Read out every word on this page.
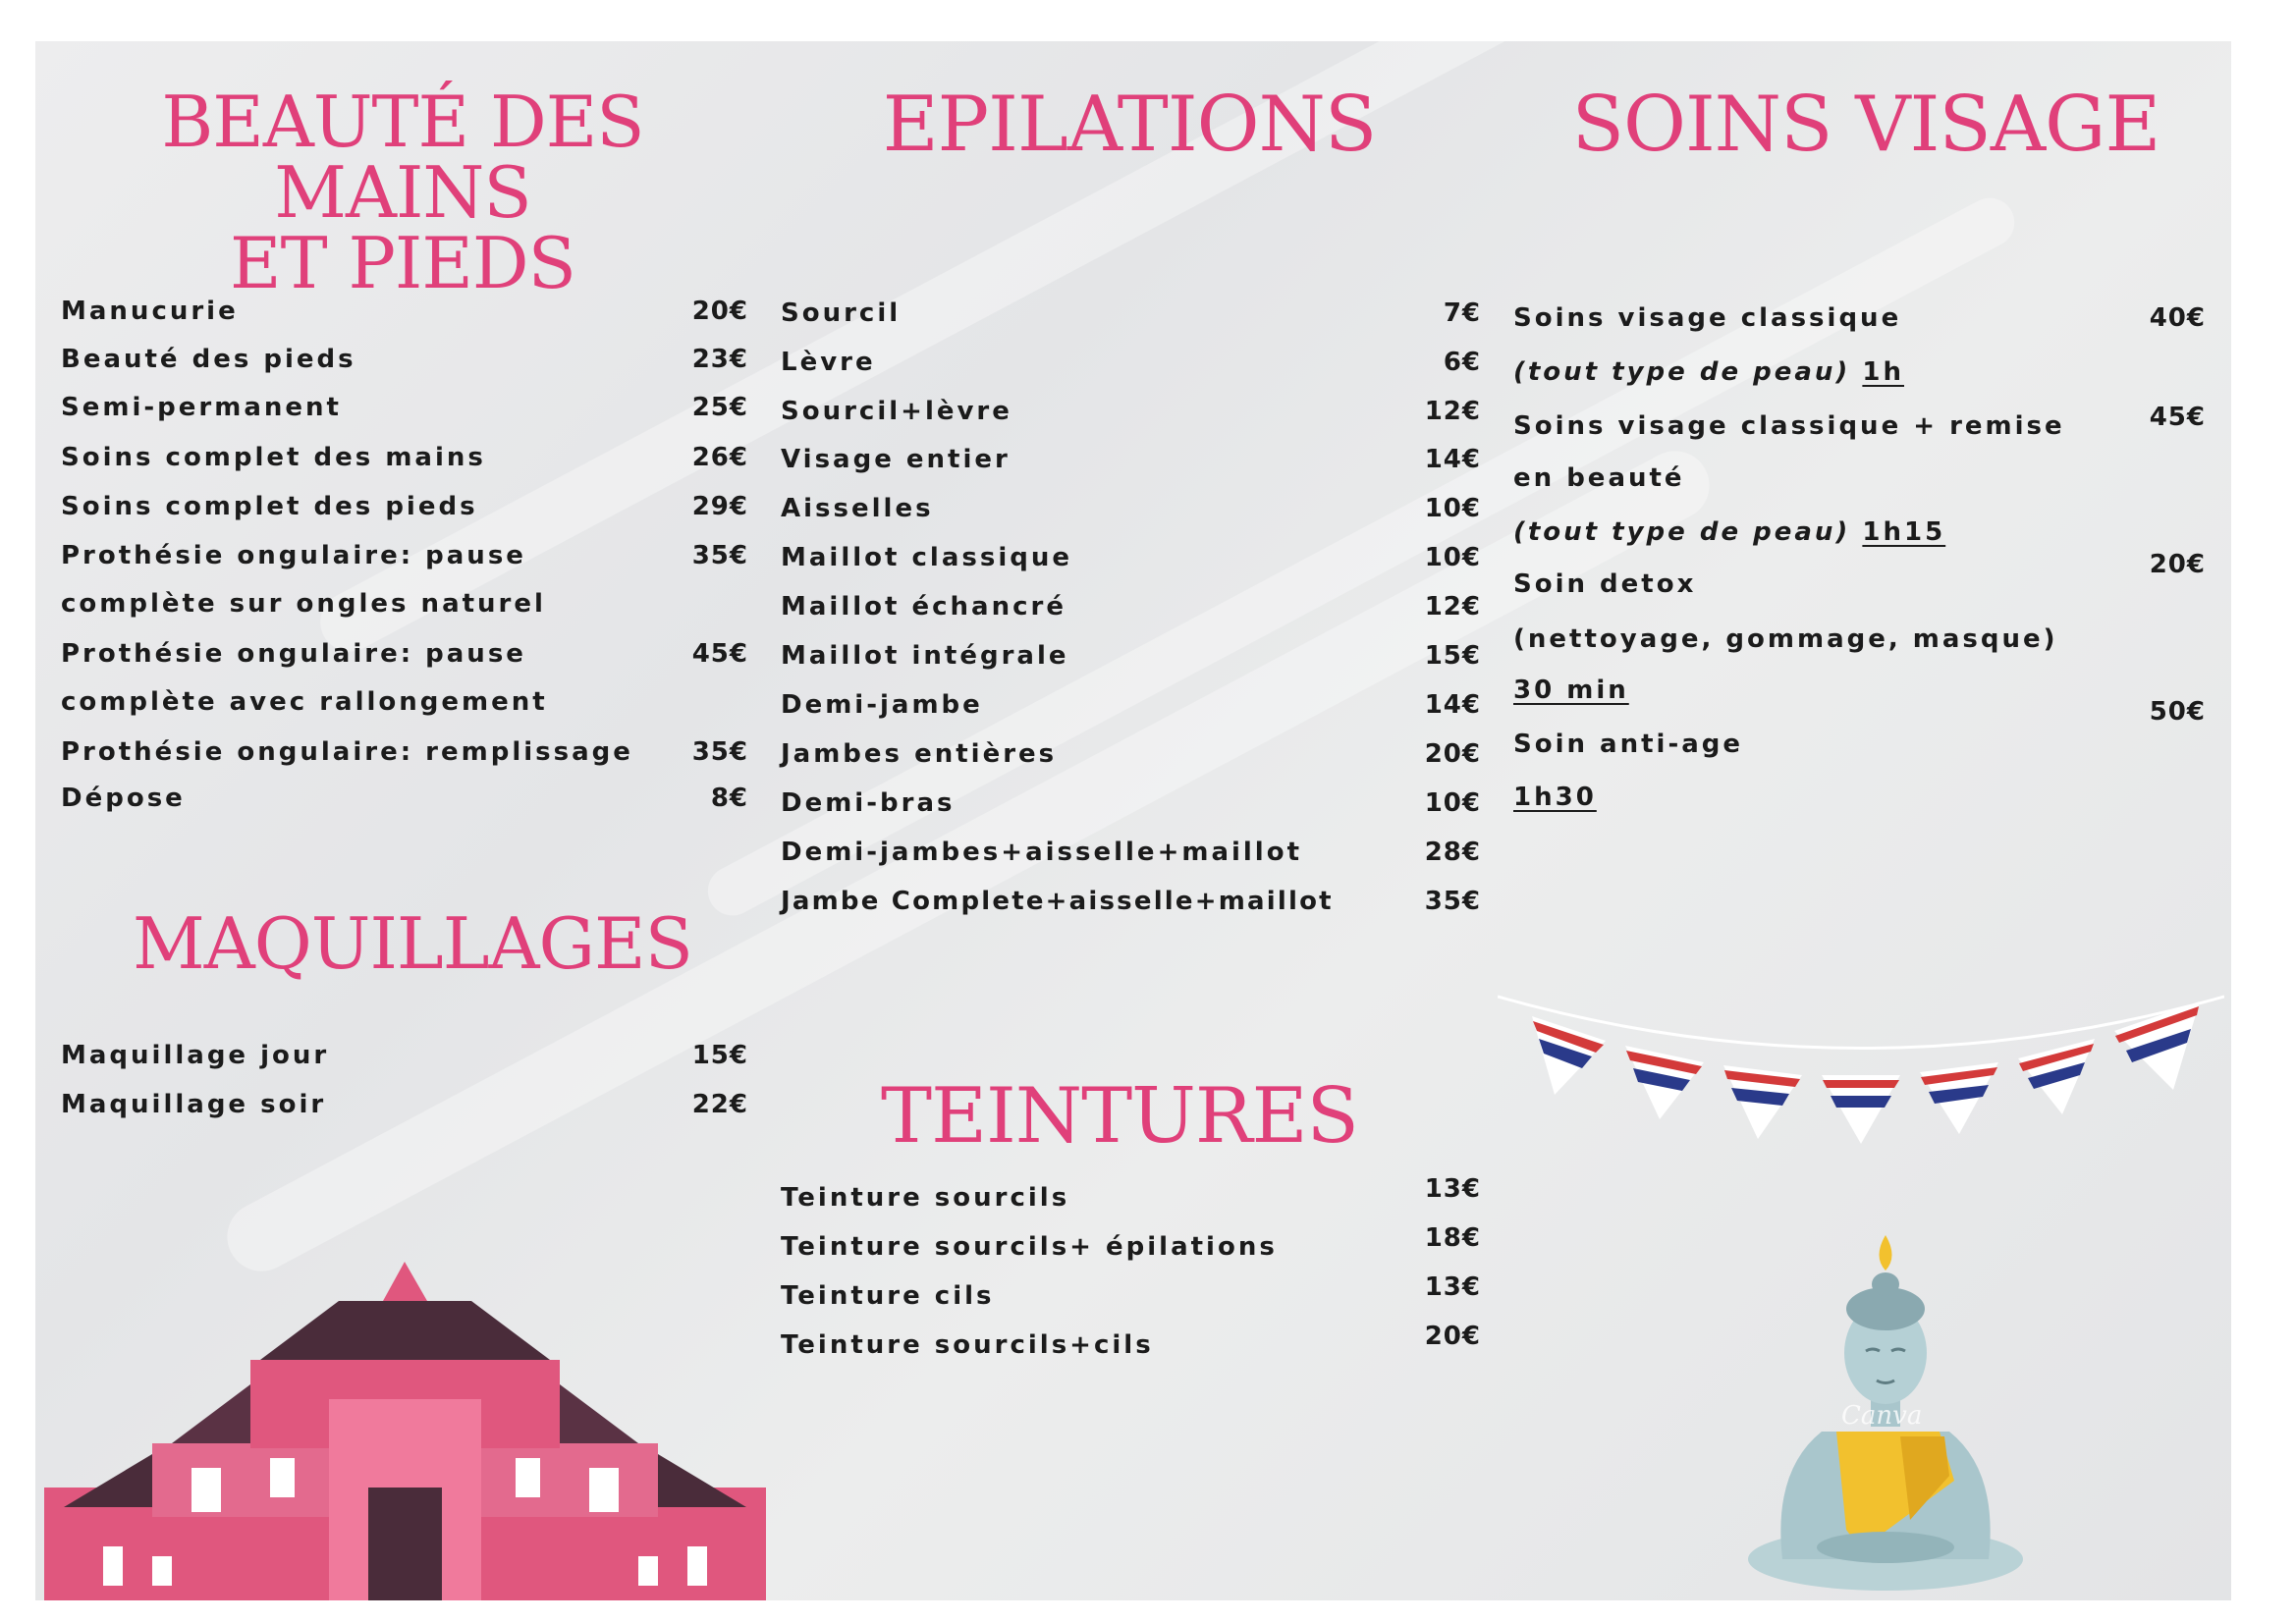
BEAUTÉ DES MAINS
ET PIEDS
Manucurie	20€
Beauté des pieds	23€
Semi-permanent	25€
Soins complet des mains	26€
Soins complet des pieds	29€
Prothésie ongulaire: pause
complète sur ongles naturel
35€
Prothésie ongulaire: pause
complète avec rallongement
45€
Prothésie ongulaire: remplissage	35€
Dépose	8€
MAQUILLAGES
Maquillage jour	15€
Maquillage soir	22€
EPILATIONS
Sourcil	7€
Lèvre	6€
Sourcil+lèvre	12€
Visage entier	14€
Aisselles	10€
Maillot classique	10€
Maillot échancré	12€
Maillot intégrale	15€
Demi-jambe	14€
Jambes entières	20€
Demi-bras	10€
Demi-jambes+aisselle+maillot	28€
Jambe Complete+aisselle+maillot	35€
TEINTURES
Teinture sourcils	13€
Teinture sourcils+ épilations	18€
Teinture cils	13€
Teinture sourcils+cils	20€
SOINS VISAGE
Soins visage classique
(tout type de peau) 1h
40€
Soins visage classique + remise
en beauté
(tout type de peau) 1h15
45€
Soin detox
(nettoyage, gommage, masque)
30 min
20€
Soin anti-age
1h30
50€
Canva
